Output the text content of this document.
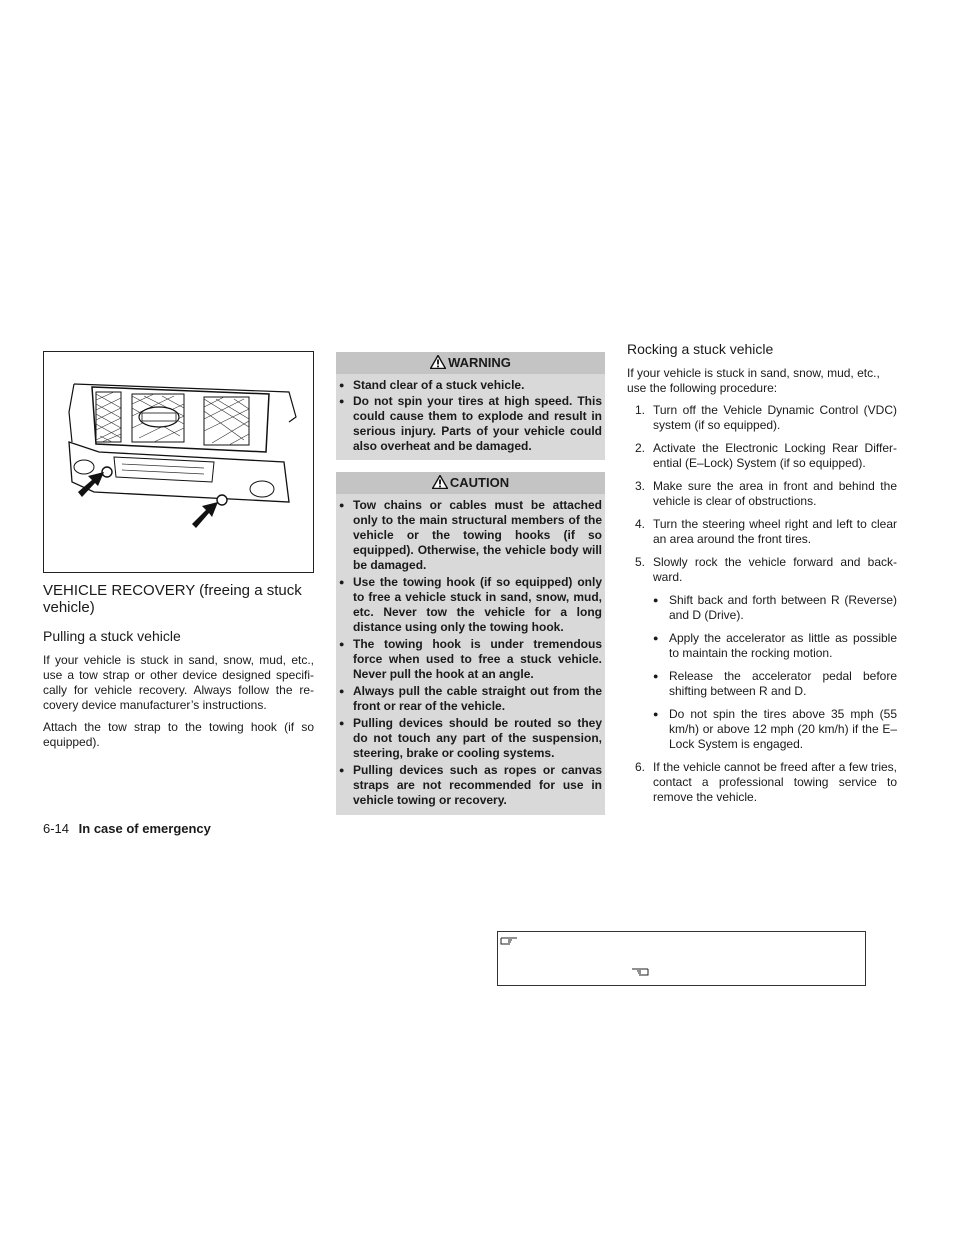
VEHICLE RECOVERY (freeing a stuck vehicle)
Pulling a stuck vehicle

If your vehicle is stuck in sand, snow, mud, etc., use a tow strap or other device designed specifi-cally for vehicle recovery. Always follow the re-covery device manufacturer’s instructions.

Attach the tow strap to the towing hook (if so equipped).

WARNING
● Stand clear of a stuck vehicle.
● Do not spin your tires at high speed. This could cause them to explode and result in serious injury. Parts of your vehicle could also overheat and be damaged.
CAUTION
● Tow chains or cables must be attached only to the main structural members of the vehicle or the towing hooks (if so equipped). Otherwise, the vehicle body will be damaged.
● Use the towing hook (if so equipped) only to free a vehicle stuck in sand, snow, mud, etc. Never tow the vehicle for a long distance using only the towing hook.
● The towing hook is under tremendous force when used to free a stuck vehicle. Never pull the hook at an angle.
● Always pull the cable straight out from the front or rear of the vehicle.
● Pulling devices should be routed so they do not touch any part of the suspension, steering, brake or cooling systems.
● Pulling devices such as ropes or canvas straps are not recommended for use in vehicle towing or recovery.
Rocking a stuck vehicle

If your vehicle is stuck in sand, snow, mud, etc., use the following procedure:

1. Turn off the Vehicle Dynamic Control (VDC) system (if so equipped).
2. Activate the Electronic Locking Rear Differ-ential (E–Lock) System (if so equipped).
3. Make sure the area in front and behind the vehicle is clear of obstructions.
4. Turn the steering wheel right and left to clear an area around the front tires.
5. Slowly rock the vehicle forward and back-ward.
● Shift back and forth between R (Reverse) and D (Drive).
● Apply the accelerator as little as possible to maintain the rocking motion.
● Release the accelerator pedal before shifting between R and D.
● Do not spin the tires above 35 mph (55 km/h) or above 12 mph (20 km/h) if the E–Lock System is engaged.
6. If the vehicle cannot be freed after a few tries, contact a professional towing service to remove the vehicle.
6-14 In case of emergency
